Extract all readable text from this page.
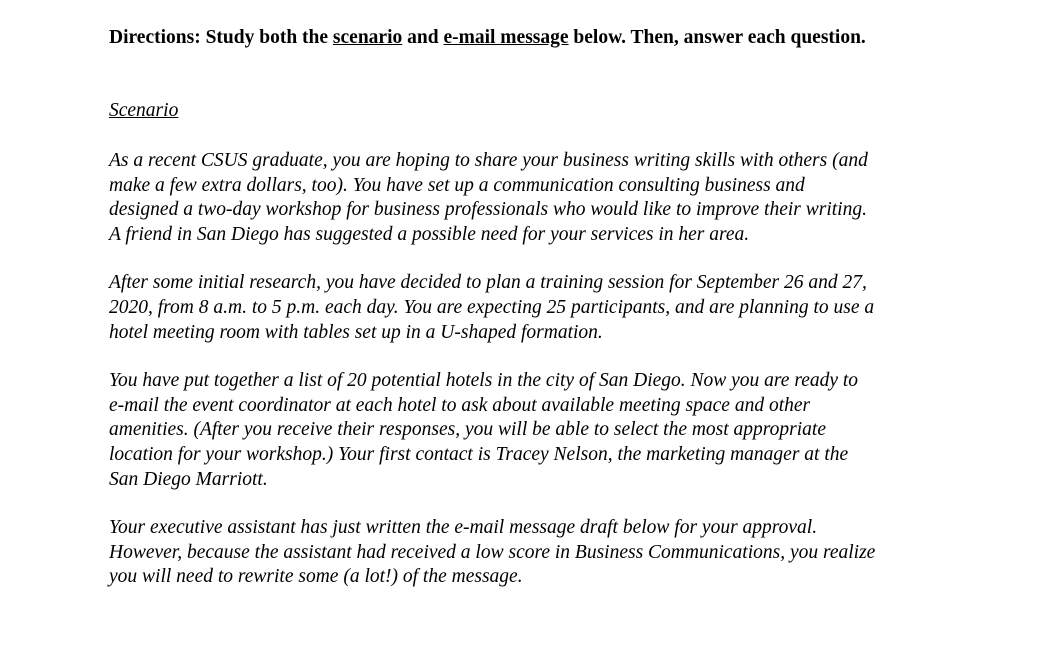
Directions: Study both the scenario and e-mail message below. Then, answer each question.
Scenario
As a recent CSUS graduate, you are hoping to share your business writing skills with others (and
make a few extra dollars, too). You have set up a communication consulting business and
designed a two-day workshop for business professionals who would like to improve their writing.
A friend in San Diego has suggested a possible need for your services in her area.
After some initial research, you have decided to plan a training session for September 26 and 27,
2020, from 8 a.m. to 5 p.m. each day. You are expecting 25 participants, and are planning to use a
hotel meeting room with tables set up in a U-shaped formation.
You have put together a list of 20 potential hotels in the city of San Diego. Now you are ready to
e-mail the event coordinator at each hotel to ask about available meeting space and other
amenities. (After you receive their responses, you will be able to select the most appropriate
location for your workshop.) Your first contact is Tracey Nelson, the marketing manager at the
San Diego Marriott.
Your executive assistant has just written the e-mail message draft below for your approval.
However, because the assistant had received a low score in Business Communications, you realize
you will need to rewrite some (a lot!) of the message.
